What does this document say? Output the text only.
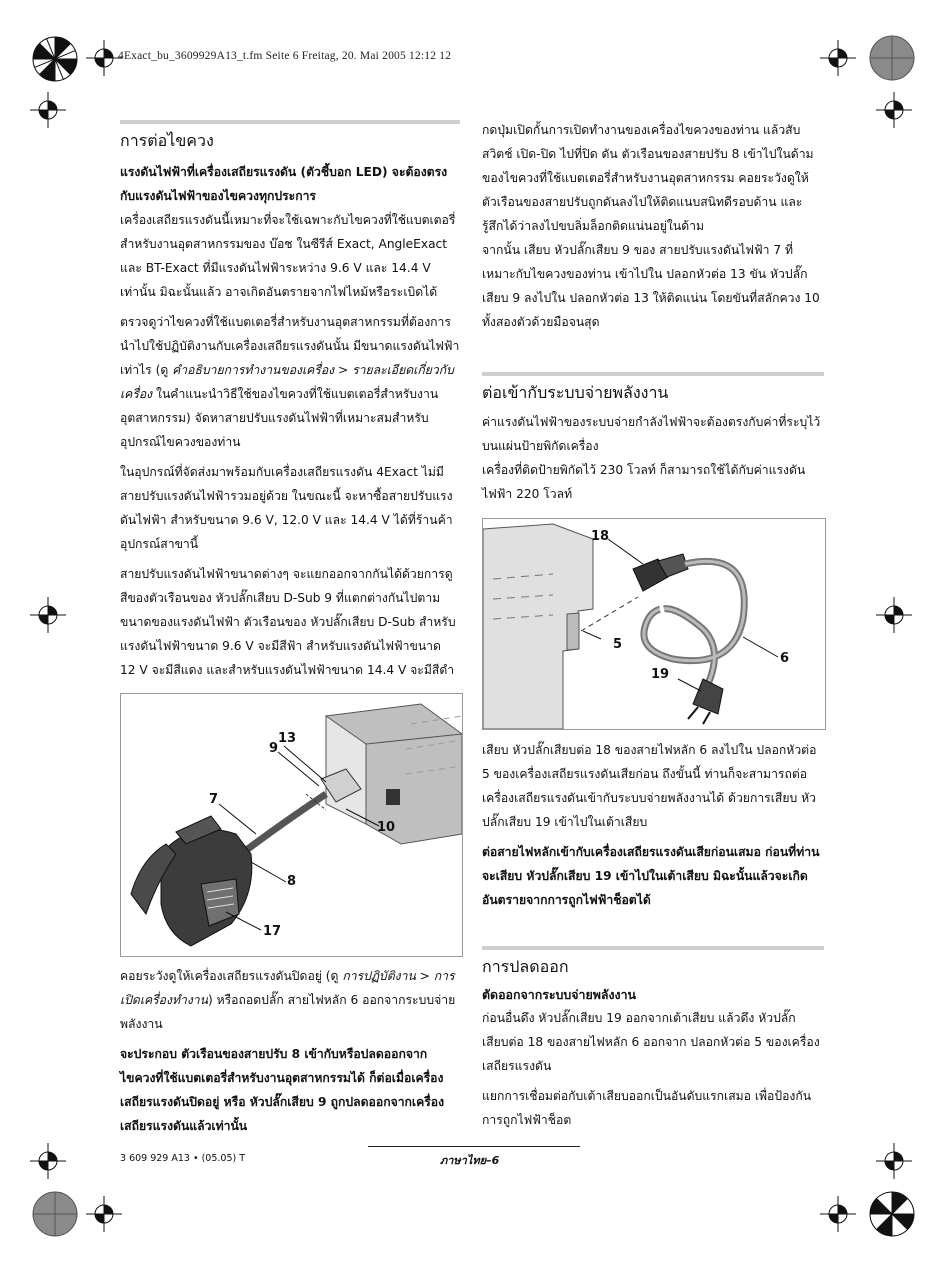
4Exact_bu_3609929A13_t.fm Seite 6 Freitag, 20. Mai 2005 12:12 12
การต่อไขควง

แรงดันไฟฟ้าที่เครื่องเสถียรแรงดัน (ตัวชี้บอก LED) จะต้องตรงกับแรงดันไฟฟ้าของไขควงทุกประการ

เครื่องเสถียรแรงดันนี้เหมาะที่จะใช้เฉพาะกับไขควงที่ใช้แบตเตอรี่สำหรับงานอุตสาหกรรมของ บ๊อช ในซีรีส์ Exact, AngleExact และ BT-Exact ที่มีแรงดันไฟฟ้าระหว่าง 9.6 V และ 14.4 V เท่านั้น มิฉะนั้นแล้ว อาจเกิดอันตรายจากไฟไหม้หรือระเบิดได้

ตรวจดูว่าไขควงที่ใช้แบตเตอรี่สำหรับงานอุตสาหกรรมที่ต้องการนำไปใช้ปฏิบัติงานกับเครื่องเสถียรแรงดันนั้น มีขนาดแรงดันไฟฟ้าเท่าไร (ดู คำอธิบายการทำงานของเครื่อง > รายละเอียดเกี่ยวกับเครื่อง ในคำแนะนำวิธีใช้ของไขควงที่ใช้แบตเตอรี่สำหรับงานอุตสาหกรรม) จัดหาสายปรับแรงดันไฟฟ้าที่เหมาะสมสำหรับอุปกรณ์ไขควงของท่าน

ในอุปกรณ์ที่จัดส่งมาพร้อมกับเครื่องเสถียรแรงดัน 4Exact ไม่มีสายปรับแรงดันไฟฟ้ารวมอยู่ด้วย ในขณะนี้ จะหาซื้อสายปรับแรงดันไฟฟ้า สำหรับขนาด 9.6 V, 12.0 V และ 14.4 V ได้ที่ร้านค้าอุปกรณ์สาขานี้

สายปรับแรงดันไฟฟ้าขนาดต่างๆ จะแยกออกจากกันได้ด้วยการดูสีของตัวเรือนของ หัวปลั๊กเสียบ D-Sub 9 ที่แตกต่างกันไปตามขนาดของแรงดันไฟฟ้า ตัวเรือนของ หัวปลั๊กเสียบ D-Sub สำหรับแรงดันไฟฟ้าขนาด 9.6 V จะมีสีฟ้า สำหรับแรงดันไฟฟ้าขนาด 12 V จะมีสีแดง และสำหรับแรงดันไฟฟ้าขนาด 14.4 V จะมีสีดำ

13
9
7
10
8
17

คอยระวังดูให้เครื่องเสถียรแรงดันปิดอยู่ (ดู การปฏิบัติงาน > การเปิดเครื่องทำงาน) หรือถอดปลั๊ก สายไฟหลัก 6 ออกจากระบบจ่ายพลังงาน

จะประกอบ ตัวเรือนของสายปรับ 8 เข้ากับหรือปลดออกจากไขควงที่ใช้แบตเตอรี่สำหรับงานอุตสาหกรรมได้ ก็ต่อเมื่อเครื่องเสถียรแรงดันปิดอยู่ หรือ หัวปลั๊กเสียบ 9 ถูกปลดออกจากเครื่องเสถียรแรงดันแล้วเท่านั้น

กดปุ่มเปิดกั้นการเปิดทำงานของเครื่องไขควงของท่าน แล้วสับสวิตช์ เปิด-ปิด ไปที่ปิด ดัน ตัวเรือนของสายปรับ 8 เข้าไปในด้ามของไขควงที่ใช้แบตเตอรี่สำหรับงานอุตสาหกรรม คอยระวังดูให้ตัวเรือนของสายปรับถูกดันลงไปให้ติดแนบสนิทดีรอบด้าน และรู้สึกได้ว่าลงไปขบลิ่มล็อกติดแน่นอยู่ในด้าม

จากนั้น เสียบ หัวปลั๊กเสียบ 9 ของ สายปรับแรงดันไฟฟ้า 7 ที่เหมาะกับไขควงของท่าน เข้าไปใน ปลอกหัวต่อ 13 ขัน หัวปลั๊กเสียบ 9 ลงไปใน ปลอกหัวต่อ 13 ให้ติดแน่น โดยขันที่สลักควง 10 ทั้งสองตัวด้วยมือจนสุด

ต่อเข้ากับระบบจ่ายพลังงาน

ค่าแรงดันไฟฟ้าของระบบจ่ายกำลังไฟฟ้าจะต้องตรงกับค่าที่ระบุไว้บนแผ่นป้ายพิกัดเครื่อง

เครื่องที่ติดป้ายพิกัดไว้ 230 โวลท์ ก็สามารถใช้ได้กับค่าแรงดันไฟฟ้า 220 โวลท์

18
5
6
19

เสียบ หัวปลั๊กเสียบต่อ 18 ของสายไฟหลัก 6 ลงไปใน ปลอกหัวต่อ 5 ของเครื่องเสถียรแรงดันเสียก่อน ถึงขั้นนี้ ท่านก็จะสามารถต่อเครื่องเสถียรแรงดันเข้ากับระบบจ่ายพลังงานได้ ด้วยการเสียบ หัวปลั๊กเสียบ 19 เข้าไปในเต้าเสียบ

ต่อสายไฟหลักเข้ากับเครื่องเสถียรแรงดันเสียก่อนเสมอ ก่อนที่ท่านจะเสียบ หัวปลั๊กเสียบ 19 เข้าไปในเต้าเสียบ มิฉะนั้นแล้วจะเกิดอันตรายจากการถูกไฟฟ้าช็อตได้

การปลดออก
ตัดออกจากระบบจ่ายพลังงาน

ก่อนอื่นดึง หัวปลั๊กเสียบ 19 ออกจากเต้าเสียบ แล้วดึง หัวปลั๊กเสียบต่อ 18 ของสายไฟหลัก 6 ออกจาก ปลอกหัวต่อ 5 ของเครื่องเสถียรแรงดัน

แยกการเชื่อมต่อกับเต้าเสียบออกเป็นอันดับแรกเสมอ เพื่อป้องกันการถูกไฟฟ้าช็อต

3 609 929 A13 • (05.05) T	ภาษาไทย–6
